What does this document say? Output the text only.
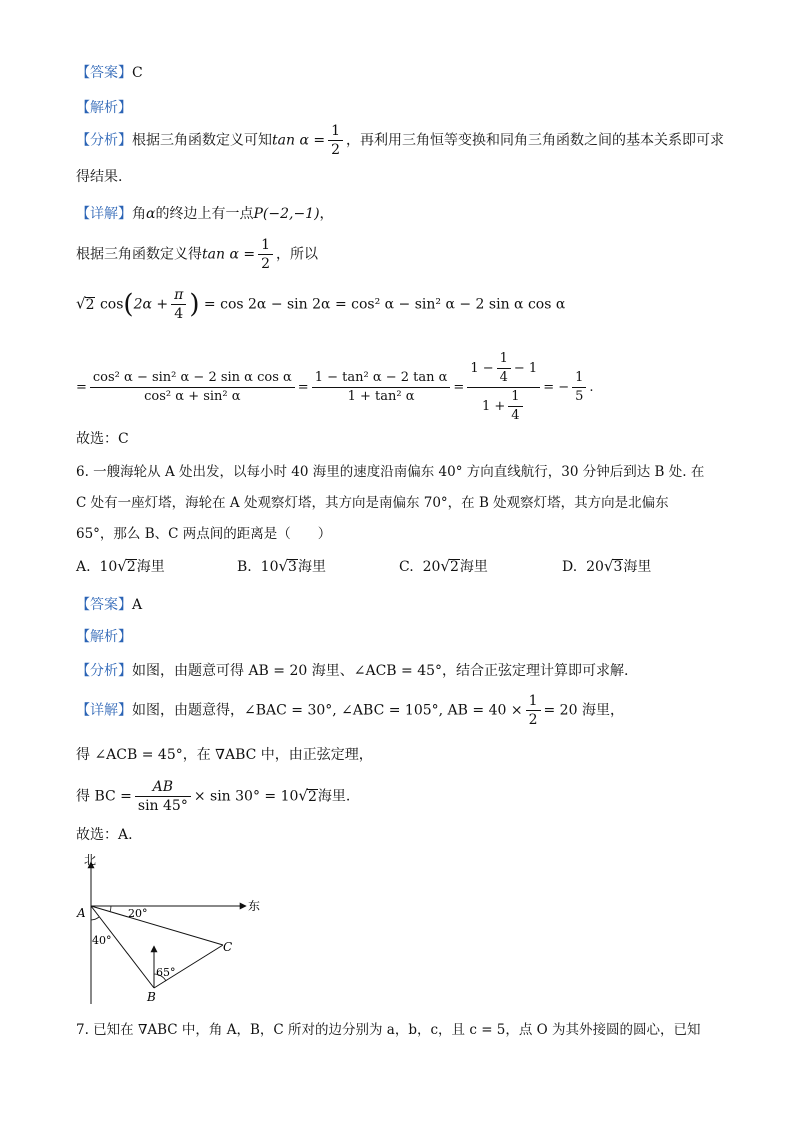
【答案】C
【解析】
【分析】根据三角函数定义可知$\tan \alpha = \frac{1}{2}$ ，再利用三角恒等变换和同角三角函数之间的基本关系即可求
得结果.
【详解】角α的终边上有一点P(−2,−1)，
根据三角函数定义得$\tan \alpha = \frac{1}{2}$ ，所以
√2 $\cos(2\alpha + \frac{\pi}{4}$ ) = cos 2α − sin 2α = cos² α − sin² α − 2 sin α cos α
= $\frac{\text{cos² α − sin² α − 2 sin α cos α}}{\text{cos² α + sin² α}} = \frac{\text{1 − tan² α − 2 tan α}}{\text{1 + tan² α}} = \frac{1 - \frac{1}{4} - 1}{1 + \frac{1}{4}}$ = − $\frac{1}{5}$ .
故选：C
6. 一艘海轮从 A 处出发，以每小时 40 海里的速度沿南偏东 40° 方向直线航行，30 分钟后到达 B 处. 在
C 处有一座灯塔，海轮在 A 处观察灯塔，其方向是南偏东 70°，在 B 处观察灯塔，其方向是北偏东
65°，那么 B、C 两点间的距离是（　　）
A. 10√2海里	B. 10√3海里	C. 20√2海里	D. 20√3海里
【答案】A
【解析】
【分析】如图，由题意可得 AB = 20 海里、∠ACB = 45°，结合正弦定理计算即可求解.
【详解】如图，由题意得，∠BAC = 30°, ∠ABC = 105°, AB = $40 \times \frac{1}{2} = 20$ 海里，
得 ∠ACB = 45°，在 ∇ABC 中，由正弦定理，
得 BC = $\frac{AB}{\sin 45^\circ} \times \sin 30^\circ = 10√2$海里.
故选：A.
北
东
A
B
C
20°
40°
65°
7. 已知在 ∇ABC 中，角 A，B，C 所对的边分别为 a，b，c，且 c = 5，点 O 为其外接圆的圆心，已知
